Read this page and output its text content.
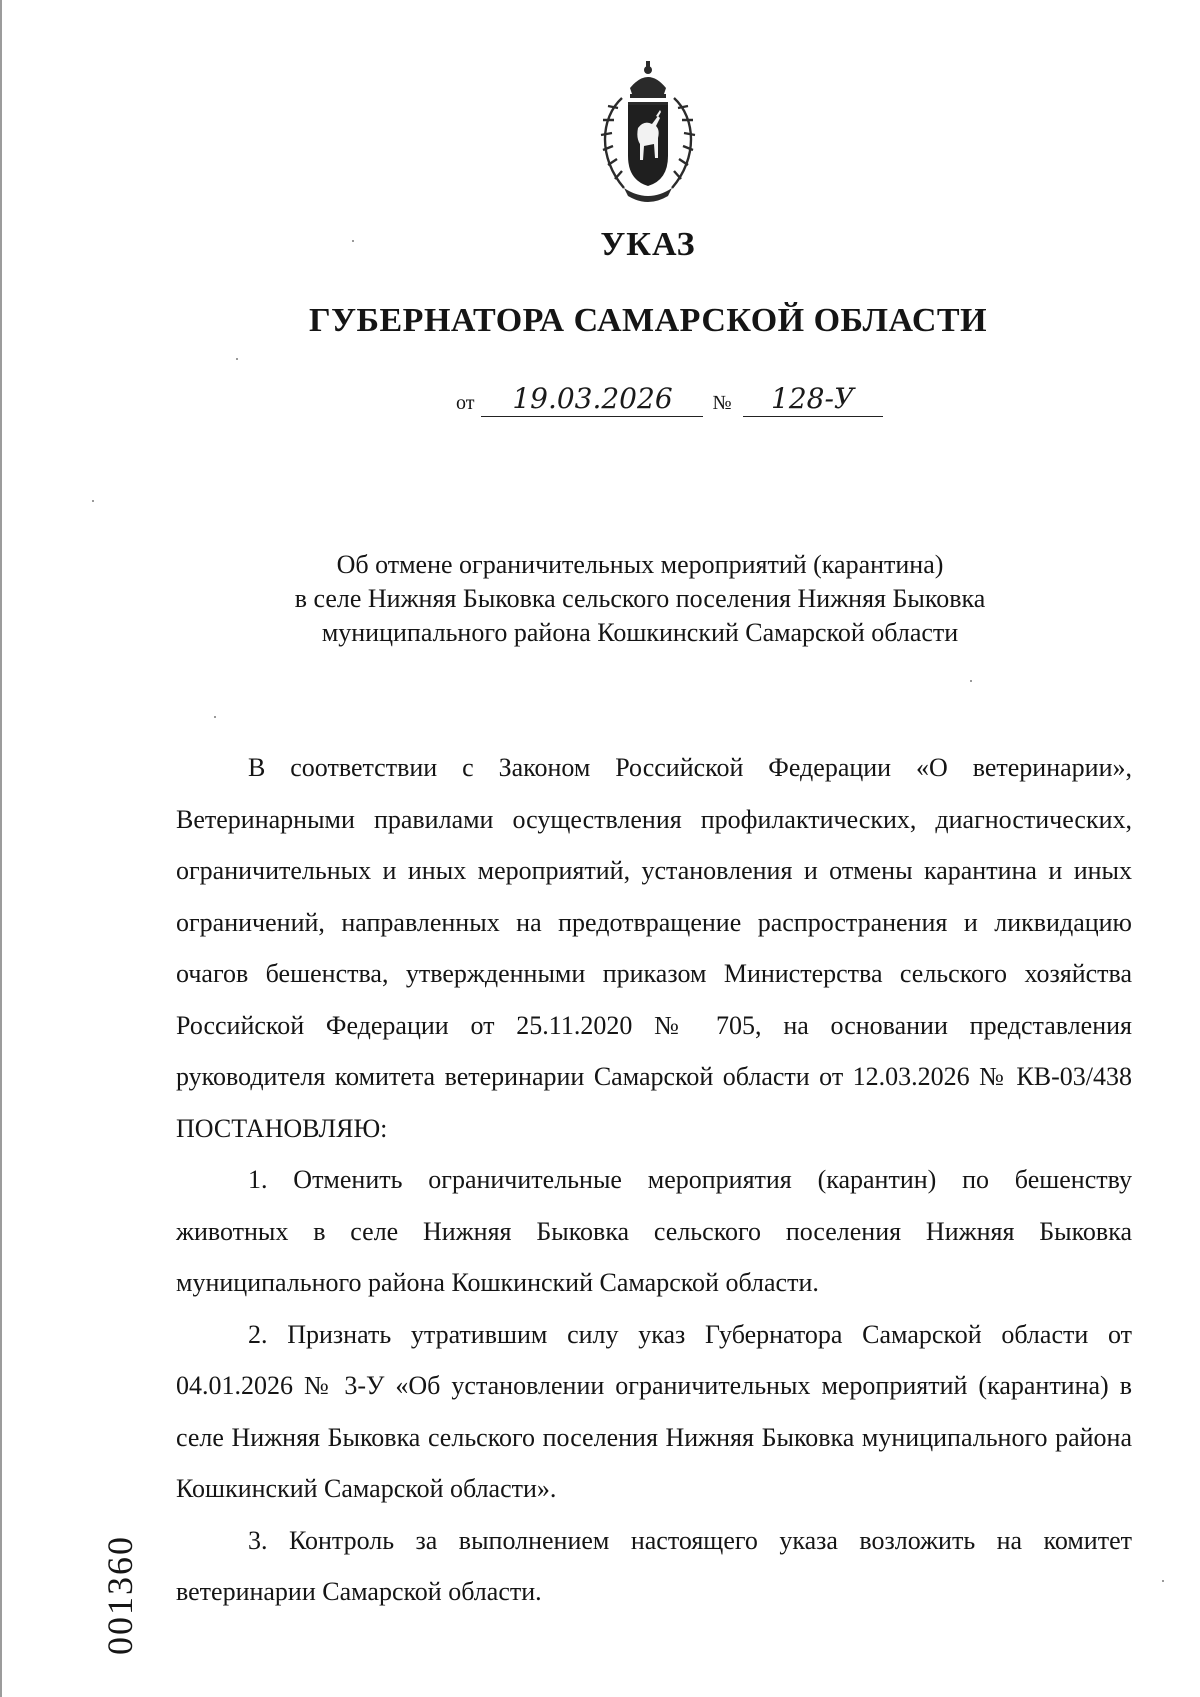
УКАЗ
ГУБЕРНАТОРА САМАРСКОЙ ОБЛАСТИ
от 19.03.2026 № 128-У
Об отмене ограничительных мероприятий (карантина)
в селе Нижняя Быковка сельского поселения Нижняя Быковка
муниципального района Кошкинский Самарской области

В соответствии с Законом Российской Федерации «О ветеринарии», Ветеринарными правилами осуществления профилактических, диагностических, ограничительных и иных мероприятий, установления и отмены карантина и иных ограничений, направленных на предотвращение распространения и ликвидацию очагов бешенства, утвержденными приказом Министерства сельского хозяйства Российской Федерации от 25.11.2020 № 705, на основании представления руководителя комитета ветеринарии Самарской области от 12.03.2026 № КВ-03/438 ПОСТАНОВЛЯЮ:

1. Отменить ограничительные мероприятия (карантин) по бешенству животных в селе Нижняя Быковка сельского поселения Нижняя Быковка муниципального района Кошкинский Самарской области.

2. Признать утратившим силу указ Губернатора Самарской области от 04.01.2026 № 3-У «Об установлении ограничительных мероприятий (карантина) в селе Нижняя Быковка сельского поселения Нижняя Быковка муниципального района Кошкинский Самарской области».

3. Контроль за выполнением настоящего указа возложить на комитет ветеринарии Самарской области.

001360
